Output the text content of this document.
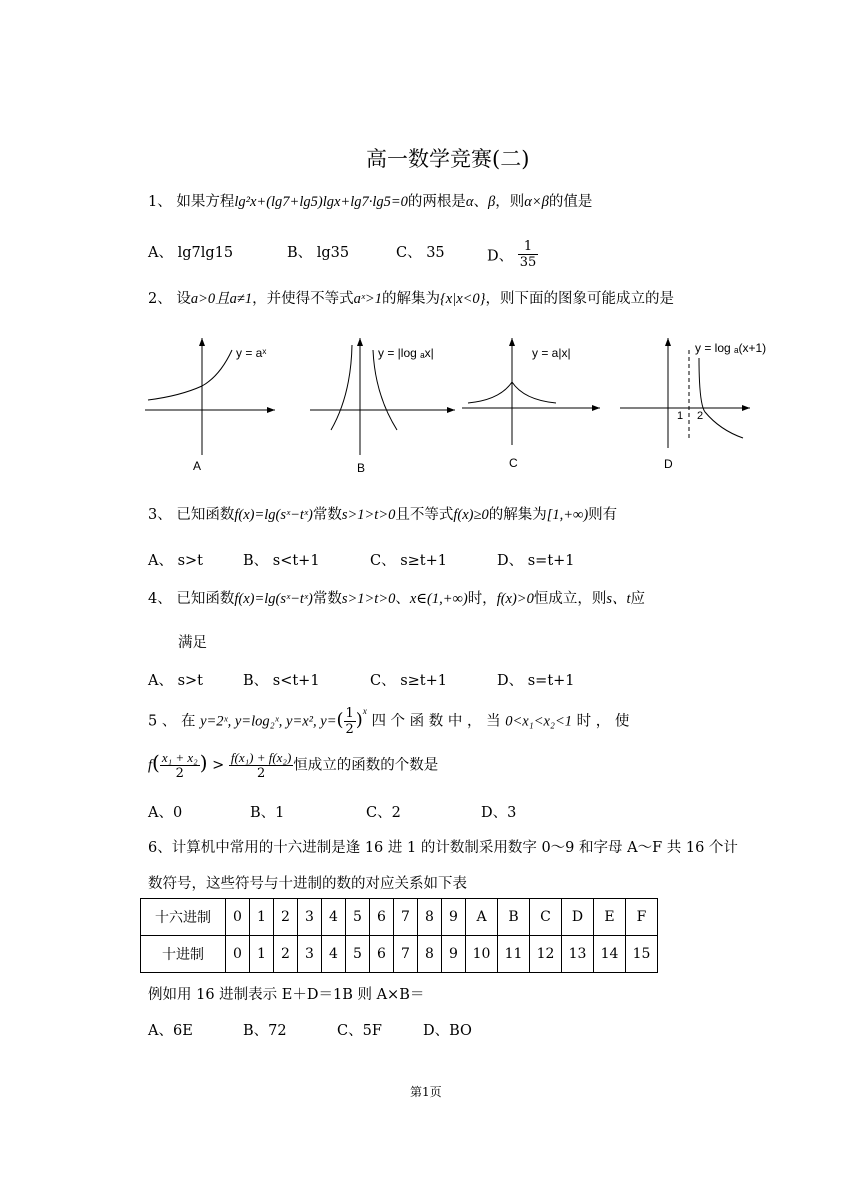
高一数学竞赛(二)
1、 如果方程lg²x+(lg7+lg5)lgx+lg7·lg5=0的两根是α、β，则α×β的值是
A、 lg7lg15	B、 lg35	C、 35	D、 $\frac{1}{35}$
2、 设a>0且a≠1，并使得不等式aˣ>1的解集为{x|x<0}，则下面的图象可能成立的是
y = aˣ
A
y = |log ₐx|
B
y = a|x|
C
1 2
y = log ₐ(x+1)
D
3、 已知函数f(x)=lg(sˣ−tˣ)常数s>1>t>0且不等式f(x)≥0的解集为[1,+∞)则有
A、 s>t	B、 s<t+1	C、 s≥t+1	D、 s=t+1
4、 已知函数f(x)=lg(sˣ−tˣ)常数s>1>t>0、x∈(1,+∞)时，f(x)>0恒成立，则s、t应
满足
A、 s>t	B、 s<t+1	C、 s≥t+1	D、 s=t+1
5 、 在 y=2ˣ, y=log₂ˣ, y=x², $y=( \frac{1}{2} )^x$ 四 个 函 数 中 ， 当 0<x₁<x₂<1 时 ， 使
$f( \frac{\text{x₁ + x₂}}{2}$ ) > $\frac{\text{f(x₁) + f(x₂)}}{2}$ 恒成立的函数的个数是
A、0	B、1	C、2	D、3
6、计算机中常用的十六进制是逢 16 进 1 的计数制采用数字 0～9 和字母 A～F 共 16 个计
数符号，这些符号与十进制的数的对应关系如下表
十六进制	0	1	2	3	4	5	6	7	8	9	A	B	C	D	E	F
十进制	0	1	2	3	4	5	6	7	8	9	10	11	12	13	14	15
例如用 16 进制表示 E＋D＝1B 则 A×B＝
A、6E	B、72	C、5F	D、BO
第1页
